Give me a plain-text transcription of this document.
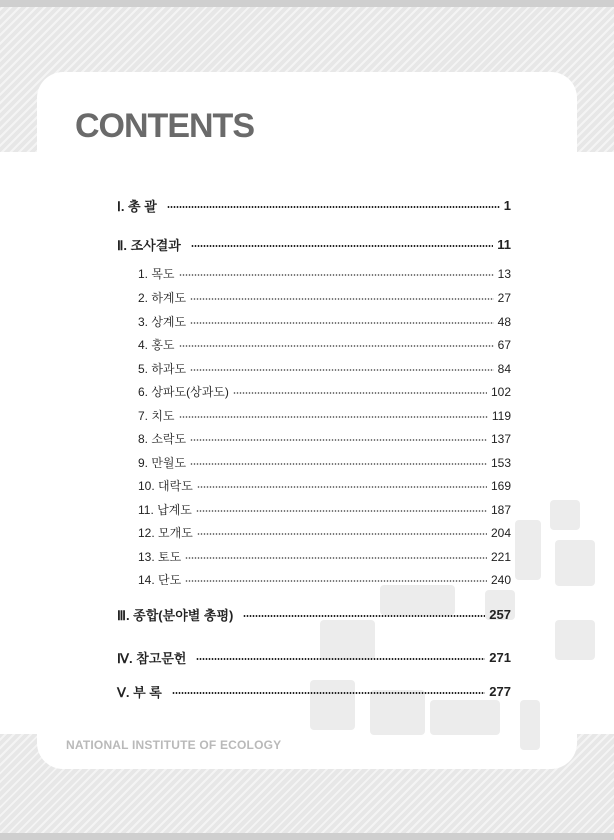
CONTENTS
Ⅰ. 총 괄	1
Ⅱ. 조사결과	11
1. 목도	13
2. 하계도	27
3. 상계도	48
4. 홍도	67
5. 하과도	84
6. 상파도(상과도)	102
7. 치도	119
8. 소락도	137
9. 만월도	153
10. 대락도	169
11. 납계도	187
12. 모개도	204
13. 토도	221
14. 단도	240
Ⅲ. 종합(분야별 총평)	257
Ⅳ. 참고문헌	271
Ⅴ. 부 록	277
NATIONAL INSTITUTE OF ECOLOGY
